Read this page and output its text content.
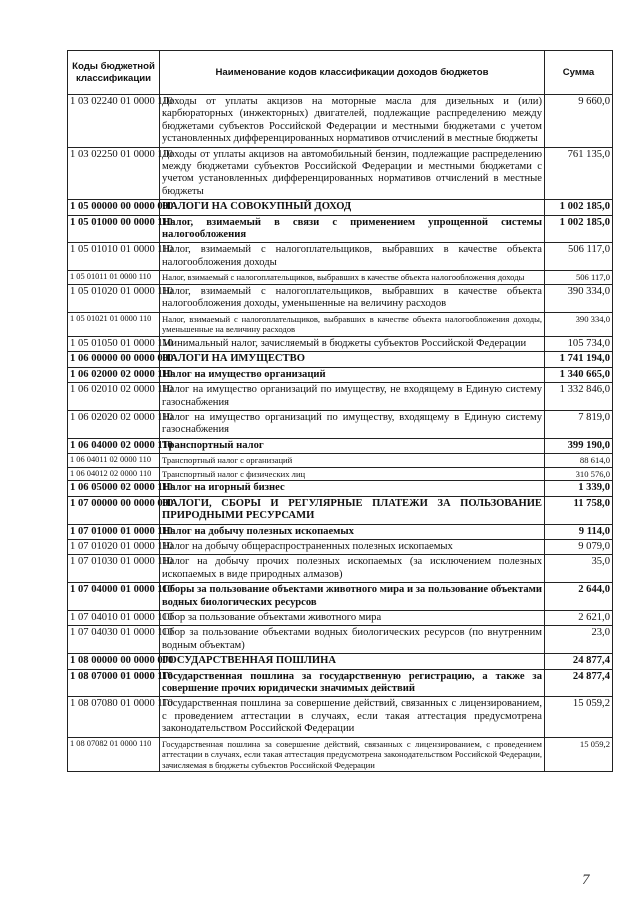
Коды бюджетной классификации	Наименование кодов классификации доходов бюджетов	Сумма
1 03 02240 01 0000 110	Доходы от уплаты акцизов на моторные масла для дизельных и (или) карбюраторных (инжекторных) двигателей, подлежащие распределению между бюджетами субъектов Российской Федерации и местными бюджетами с учетом установленных дифференцированных нормативов отчислений в местные бюджеты	9 660,0
1 03 02250 01 0000 110	Доходы от уплаты акцизов на автомобильный бензин, подлежащие распределению между бюджетами субъектов Российской Федерации и местными бюджетами с учетом установленных дифференцированных нормативов отчислений в местные бюджеты	761 135,0
1 05 00000 00 0000 000	НАЛОГИ НА СОВОКУПНЫЙ ДОХОД	1 002 185,0
1 05 01000 00 0000 110	Налог, взимаемый в связи с применением упрощенной системы налогообложения	1 002 185,0
1 05 01010 01 0000 110	Налог, взимаемый с налогоплательщиков, выбравших в качестве объекта налогообложения доходы	506 117,0
1 05 01011 01 0000 110	Налог, взимаемый с налогоплательщиков, выбравших в качестве объекта налогообложения доходы	506 117,0
1 05 01020 01 0000 110	Налог, взимаемый с налогоплательщиков, выбравших в качестве объекта налогообложения доходы, уменьшенные на величину расходов	390 334,0
1 05 01021 01 0000 110	Налог, взимаемый с налогоплательщиков, выбравших в качестве объекта налогообложения доходы, уменьшенные на величину расходов	390 334,0
1 05 01050 01 0000 110	Минимальный налог, зачисляемый в бюджеты субъектов Российской Федерации	105 734,0
1 06 00000 00 0000 000	НАЛОГИ НА ИМУЩЕСТВО	1 741 194,0
1 06 02000 02 0000 110	Налог на имущество организаций	1 340 665,0
1 06 02010 02 0000 110	Налог на имущество организаций по имуществу, не входящему в Единую систему газоснабжения	1 332 846,0
1 06 02020 02 0000 110	Налог на имущество организаций по имуществу, входящему в Единую систему газоснабжения	7 819,0
1 06 04000 02 0000 110	Транспортный налог	399 190,0
1 06 04011 02 0000 110	Транспортный налог с организаций	88 614,0
1 06 04012 02 0000 110	Транспортный налог с физических лиц	310 576,0
1 06 05000 02 0000 110	Налог на игорный бизнес	1 339,0
1 07 00000 00 0000 000	НАЛОГИ, СБОРЫ И РЕГУЛЯРНЫЕ ПЛАТЕЖИ ЗА ПОЛЬЗОВАНИЕ ПРИРОДНЫМИ РЕСУРСАМИ	11 758,0
1 07 01000 01 0000 110	Налог на добычу полезных ископаемых	9 114,0
1 07 01020 01 0000 110	Налог на добычу общераспространенных полезных ископаемых	9 079,0
1 07 01030 01 0000 110	Налог на добычу прочих полезных ископаемых (за исключением полезных ископаемых в виде природных алмазов)	35,0
1 07 04000 01 0000 110	Сборы за пользование объектами животного мира и за пользование объектами водных биологических ресурсов	2 644,0
1 07 04010 01 0000 110	Сбор за пользование объектами животного мира	2 621,0
1 07 04030 01 0000 110	Сбор за пользование объектами водных биологических ресурсов (по внутренним водным объектам)	23,0
1 08 00000 00 0000 000	ГОСУДАРСТВЕННАЯ ПОШЛИНА	24 877,4
1 08 07000 01 0000 110	Государственная пошлина за государственную регистрацию, а также за совершение прочих юридически значимых действий	24 877,4
1 08 07080 01 0000 110	Государственная пошлина за совершение действий, связанных с лицензированием, с проведением аттестации в случаях, если такая аттестация предусмотрена законодательством Российской Федерации	15 059,2
1 08 07082 01 0000 110	Государственная пошлина за совершение действий, связанных с лицензированием, с проведением аттестации в случаях, если такая аттестация предусмотрена законодательством Российской Федерации, зачисляемая в бюджеты субъектов Российской Федерации	15 059,2
7
